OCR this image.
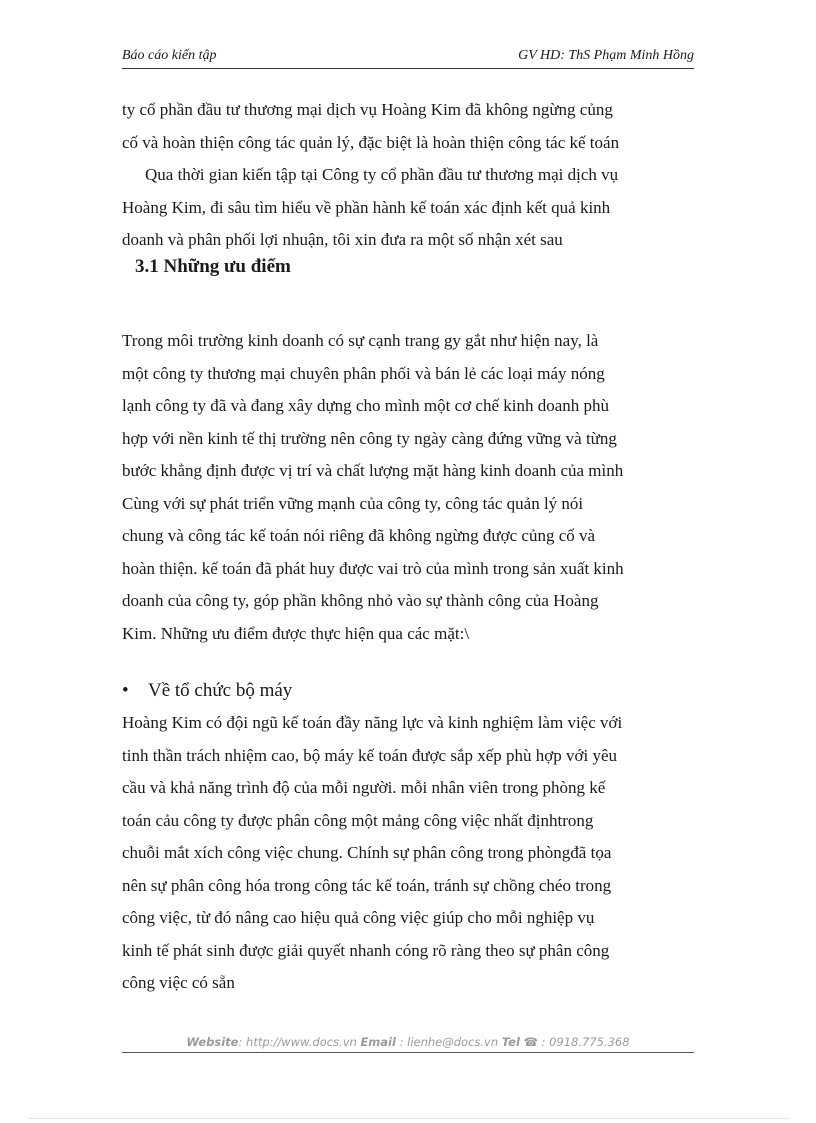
Báo cáo kiến tập	GV HD: ThS Phạm Minh Hồng
ty cổ phần đầu tư thương mại dịch vụ Hoàng Kim đã không ngừng củng
cố và hoàn thiện công tác quản lý, đặc biệt là hoàn thiện công tác kế toán
Qua thời gian kiến tập tại Công ty cổ phần đầu tư thương mại dịch vụ
Hoàng Kim, đi sâu tìm hiểu về phần hành kế toán xác định kết quả kinh
doanh và phân phối lợi nhuận, tôi xin đưa ra một số nhận xét sau
3.1 Những ưu điểm
Trong môi trường kinh doanh có sự cạnh trang gy gắt như hiện nay, là
một công ty thương mại chuyên phân phối và bán lẻ các loại máy nóng
lạnh công ty đã và đang xây dựng cho mình một cơ chế kinh doanh phù
hợp với nền kinh tế thị trường nên công ty ngày càng đứng vững và từng
bước khẳng định được vị trí và chất lượng mặt hàng kinh doanh của mình
Cùng với sự phát triển vững mạnh của công ty, công tác quản lý nói
chung và công tác kế toán nói riêng đã không ngừng được củng cố và
hoàn thiện. kế toán đã phát huy được vai trò của mình trong sản xuất kinh
doanh của công ty, góp phần không nhỏ vào sự thành công của Hoàng
Kim. Những ưu điểm được thực hiện qua các mặt:\
• Về tổ chức bộ máy
Hoàng Kim có đội ngũ kế toán đầy năng lực và kinh nghiệm làm việc với
tinh thần trách nhiệm cao, bộ máy kế toán được sắp xếp phù hợp với yêu
cầu và khả năng trình độ của mỗi người. mỗi nhân viên trong phòng kế
toán cảu công ty được phân công một mảng công việc nhất địnhtrong
chuỗi mắt xích công việc chung. Chính sự phân công trong phòngđã tọa
nên sự phân công hóa trong công tác kế toán, tránh sự chồng chéo trong
công việc, từ đó nâng cao hiệu quả công việc giúp cho mỗi nghiệp vụ
kinh tế phát sinh được giải quyết nhanh cóng rõ ràng theo sự phân công
công việc có sẵn
Website: http://www.docs.vn Email : lienhe@docs.vn Tel ☎ : 0918.775.368
